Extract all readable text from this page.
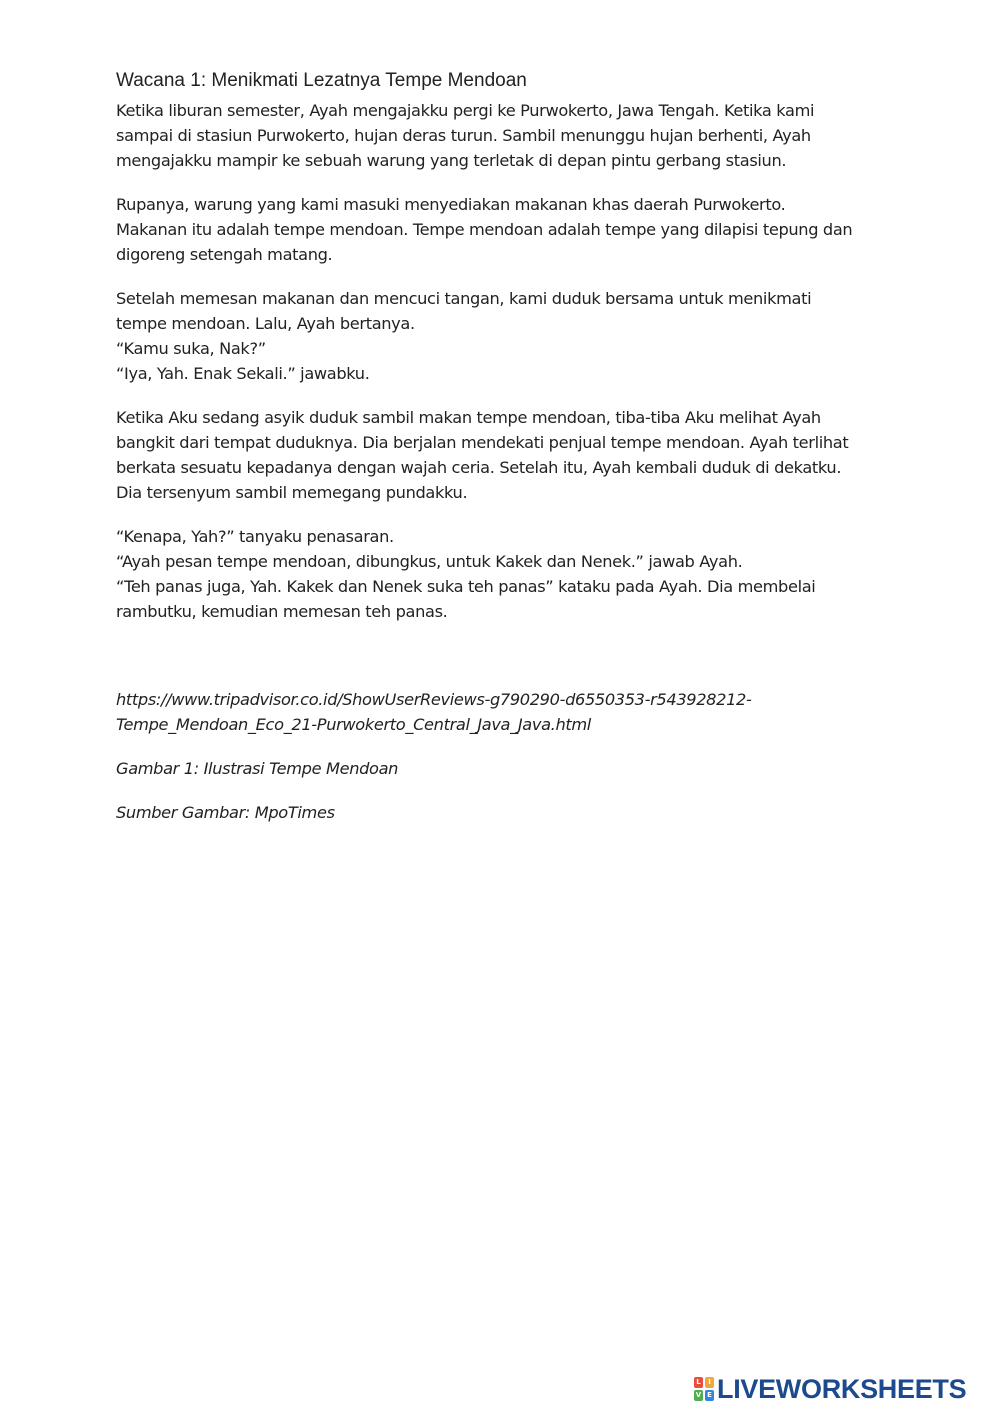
Wacana 1: Menikmati Lezatnya Tempe Mendoan
Ketika liburan semester, Ayah mengajakku pergi ke Purwokerto, Jawa Tengah. Ketika kami
sampai di stasiun Purwokerto, hujan deras turun. Sambil menunggu hujan berhenti, Ayah
mengajakku mampir ke sebuah warung yang terletak di depan pintu gerbang stasiun.
Rupanya, warung yang kami masuki menyediakan makanan khas daerah Purwokerto.
Makanan itu adalah tempe mendoan. Tempe mendoan adalah tempe yang dilapisi tepung dan
digoreng setengah matang.
Setelah memesan makanan dan mencuci tangan, kami duduk bersama untuk menikmati
tempe mendoan. Lalu, Ayah bertanya.
“Kamu suka, Nak?”
“Iya, Yah. Enak Sekali.” jawabku.
Ketika Aku sedang asyik duduk sambil makan tempe mendoan, tiba-tiba Aku melihat Ayah
bangkit dari tempat duduknya. Dia berjalan mendekati penjual tempe mendoan. Ayah terlihat
berkata sesuatu kepadanya dengan wajah ceria. Setelah itu, Ayah kembali duduk di dekatku.
Dia tersenyum sambil memegang pundakku.
“Kenapa, Yah?” tanyaku penasaran.
“Ayah pesan tempe mendoan, dibungkus, untuk Kakek dan Nenek.” jawab Ayah.
“Teh panas juga, Yah. Kakek dan Nenek suka teh panas” kataku pada Ayah. Dia membelai
rambutku, kemudian memesan teh panas.
https://www.tripadvisor.co.id/ShowUserReviews-g790290-d6550353-r543928212-
Tempe_Mendoan_Eco_21-Purwokerto_Central_Java_Java.html
Gambar 1: Ilustrasi Tempe Mendoan
Sumber Gambar: MpoTimes
L	I
V E LIVEWORKSHEETS
